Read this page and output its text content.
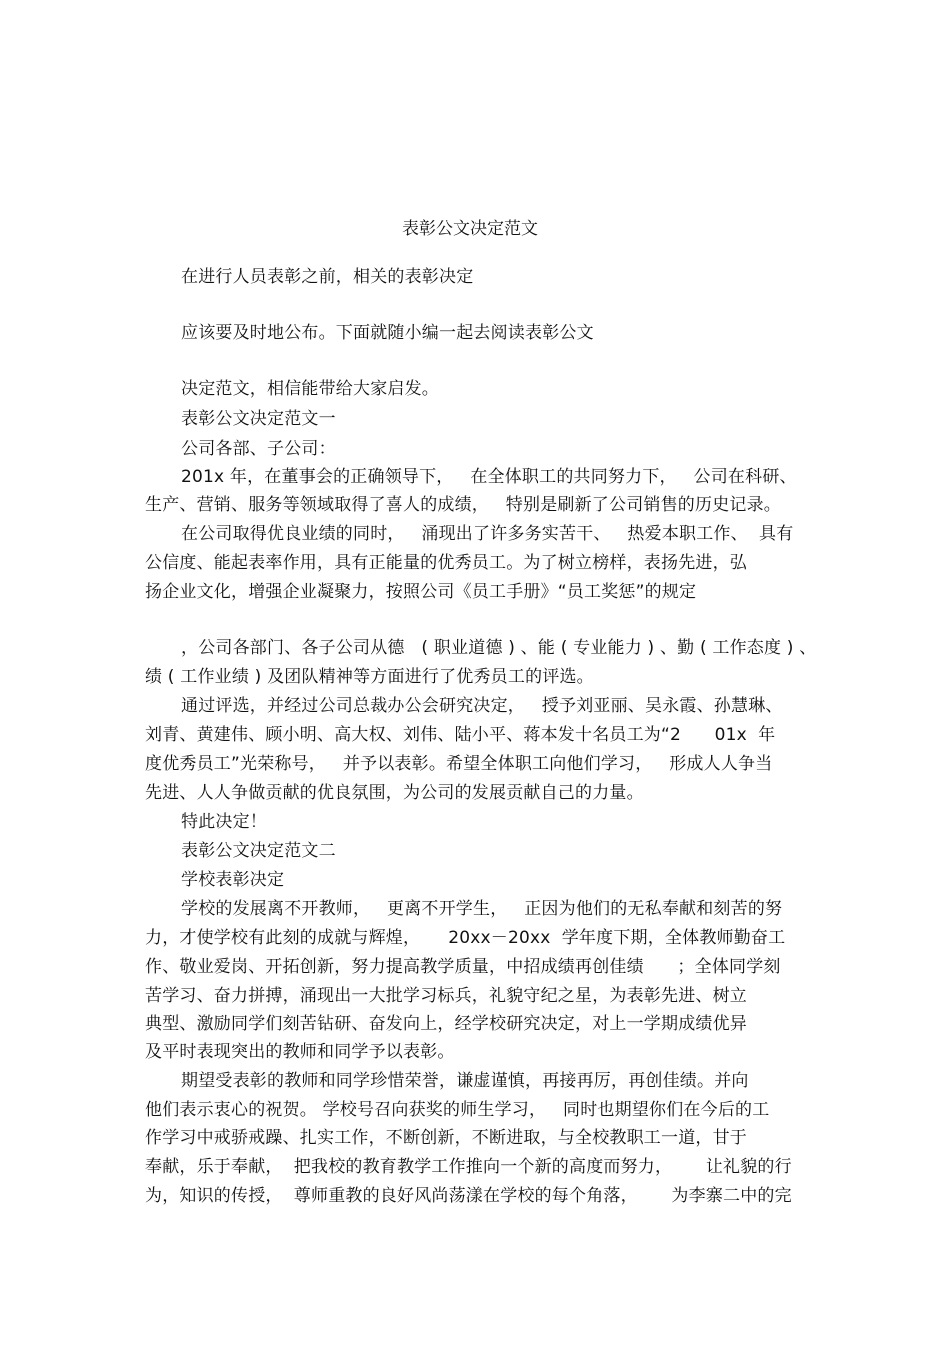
表彰公文决定范文
在进行人员表彰之前，相关的表彰决定
应该要及时地公布。下面就随小编一起去阅读表彰公文
决定范文，相信能带给大家启发。
表彰公文决定范文一
公司各部、子公司：
201x 年，在董事会的正确领导下，   在全体职工的共同努力下，   公司在科研、
生产、营销、服务等领域取得了喜人的成绩，   特别是刷新了公司销售的历史记录。
在公司取得优良业绩的同时，   涌现出了许多务实苦干、   热爱本职工作、  具有
公信度、能起表率作用，具有正能量的优秀员工。为了树立榜样，表扬先进，弘
扬企业文化，增强企业凝聚力，按照公司《员工手册》“员工奖惩”的规定
，公司各部门、各子公司从德   ( 职业道德 ) 、能 ( 专业能力 ) 、勤 ( 工作态度 ) 、
绩 ( 工作业绩 ) 及团队精神等方面进行了优秀员工的评选。
通过评选，并经过公司总裁办公会研究决定，   授予刘亚丽、吴永霞、孙慧琳、
刘青、黄建伟、顾小明、高大权、刘伟、陆小平、蒋本发十名员工为“2      01x  年
度优秀员工”光荣称号，   并予以表彰。希望全体职工向他们学习，   形成人人争当
先进、人人争做贡献的优良氛围，为公司的发展贡献自己的力量。
特此决定！
表彰公文决定范文二
学校表彰决定
学校的发展离不开教师，   更离不开学生，   正因为他们的无私奉献和刻苦的努
力，才使学校有此刻的成就与辉煌，     20xx－20xx  学年度下期，全体教师勤奋工
作、敬业爱岗、开拓创新，努力提高教学质量，中招成绩再创佳绩      ；全体同学刻
苦学习、奋力拼搏，涌现出一大批学习标兵，礼貌守纪之星，为表彰先进、树立
典型、激励同学们刻苦钻研、奋发向上，经学校研究决定，对上一学期成绩优异
及平时表现突出的教师和同学予以表彰。
期望受表彰的教师和同学珍惜荣誉，谦虚谨慎，再接再厉，再创佳绩。并向
他们表示衷心的祝贺。 学校号召向获奖的师生学习，   同时也期望你们在今后的工
作学习中戒骄戒躁、扎实工作，不断创新，不断进取，与全校教职工一道，甘于
奉献，乐于奉献，  把我校的教育教学工作推向一个新的高度而努力，      让礼貌的行
为，知识的传授，  尊师重教的良好风尚荡漾在学校的每个角落，      为李寨二中的完
